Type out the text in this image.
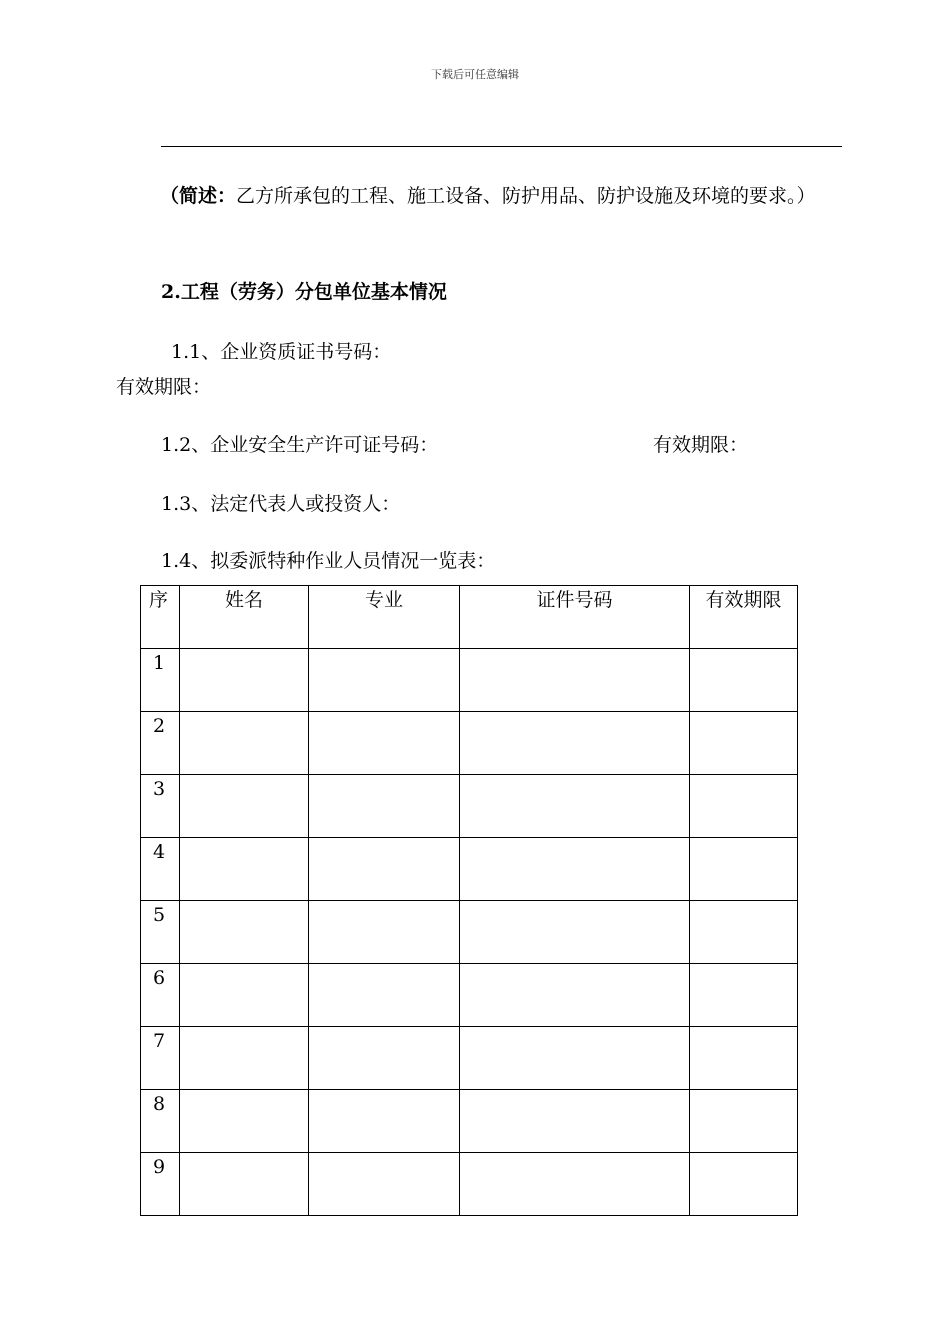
下载后可任意编辑
（简述：乙方所承包的工程、施工设备、防护用品、防护设施及环境的要求。）
2.工程（劳务）分包单位基本情况
1.1、企业资质证书号码：
有效期限：
1.2、企业安全生产许可证号码：	有效期限：
1.3、法定代表人或投资人：
1.4、拟委派特种作业人员情况一览表：
序	姓名	专业	证件号码	有效期限
1				
2				
3				
4				
5				
6				
7				
8				
9				
